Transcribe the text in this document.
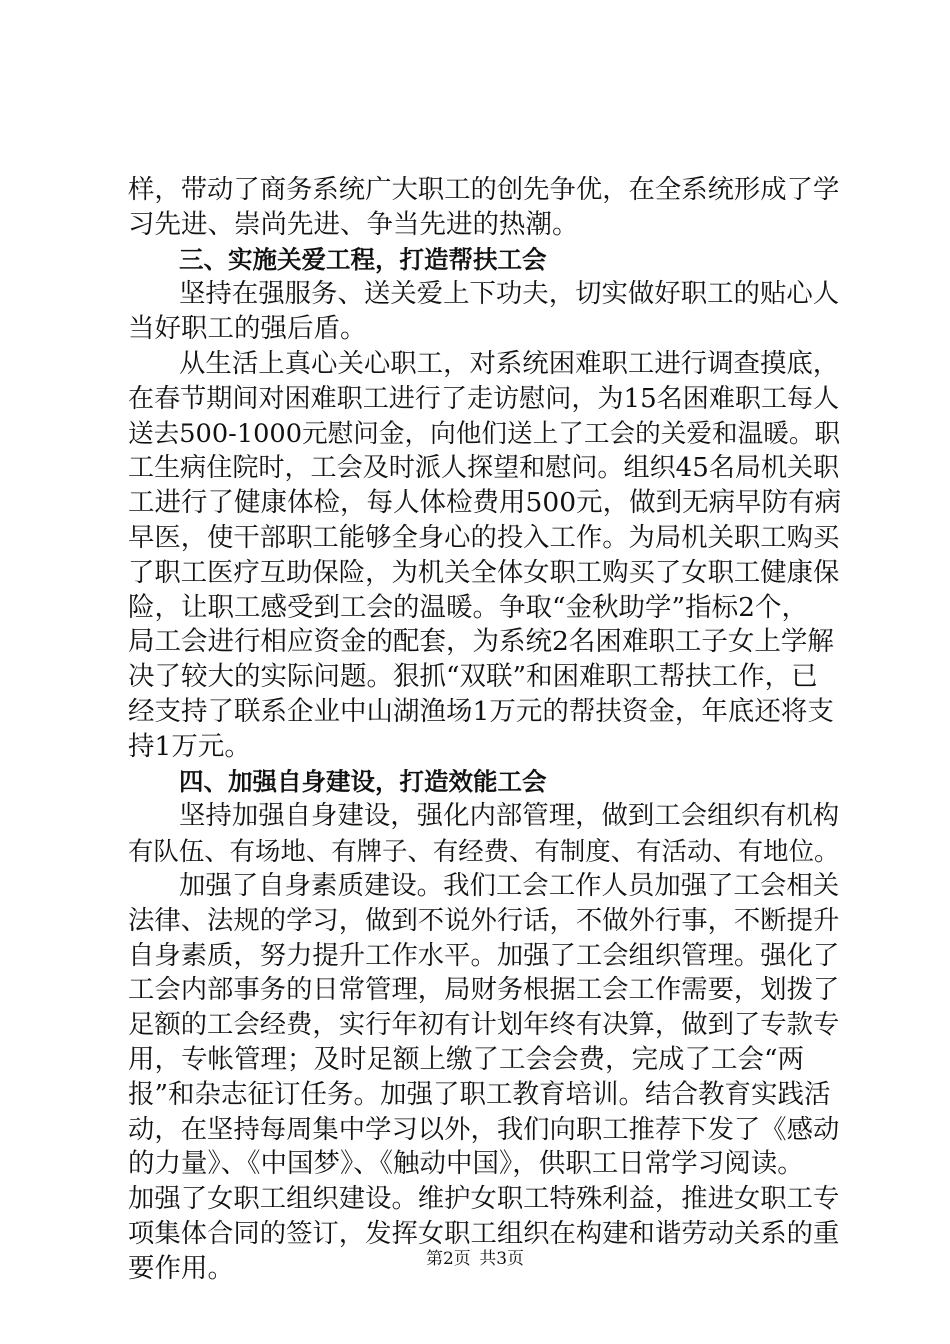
样，带动了商务系统广大职工的创先争优，在全系统形成了学
习先进、崇尚先进、争当先进的热潮。
三、实施关爱工程，打造帮扶工会
坚持在强服务、送关爱上下功夫，切实做好职工的贴心人
当好职工的强后盾。
从生活上真心关心职工，对系统困难职工进行调查摸底，
在春节期间对困难职工进行了走访慰问，为15名困难职工每人
送去500-1000元慰问金，向他们送上了工会的关爱和温暖。职
工生病住院时，工会及时派人探望和慰问。组织45名局机关职
工进行了健康体检，每人体检费用500元，做到无病早防有病
早医，使干部职工能够全身心的投入工作。为局机关职工购买
了职工医疗互助保险，为机关全体女职工购买了女职工健康保
险，让职工感受到工会的温暖。争取“金秋助学”指标2个，
局工会进行相应资金的配套，为系统2名困难职工子女上学解
决了较大的实际问题。狠抓“双联”和困难职工帮扶工作，已
经支持了联系企业中山湖渔场1万元的帮扶资金，年底还将支
持1万元。
四、加强自身建设，打造效能工会
坚持加强自身建设，强化内部管理，做到工会组织有机构
有队伍、有场地、有牌子、有经费、有制度、有活动、有地位。
加强了自身素质建设。我们工会工作人员加强了工会相关
法律、法规的学习，做到不说外行话，不做外行事，不断提升
自身素质，努力提升工作水平。加强了工会组织管理。强化了
工会内部事务的日常管理，局财务根据工会工作需要，划拨了
足额的工会经费，实行年初有计划年终有决算，做到了专款专
用，专帐管理；及时足额上缴了工会会费，完成了工会“两
报”和杂志征订任务。加强了职工教育培训。结合教育实践活
动，在坚持每周集中学习以外，我们向职工推荐下发了《感动
的力量》、《中国梦》、《触动中国》，供职工日常学习阅读。
加强了女职工组织建设。维护女职工特殊利益，推进女职工专
项集体合同的签订，发挥女职工组织在构建和谐劳动关系的重
要作用。	第2页 共3页
